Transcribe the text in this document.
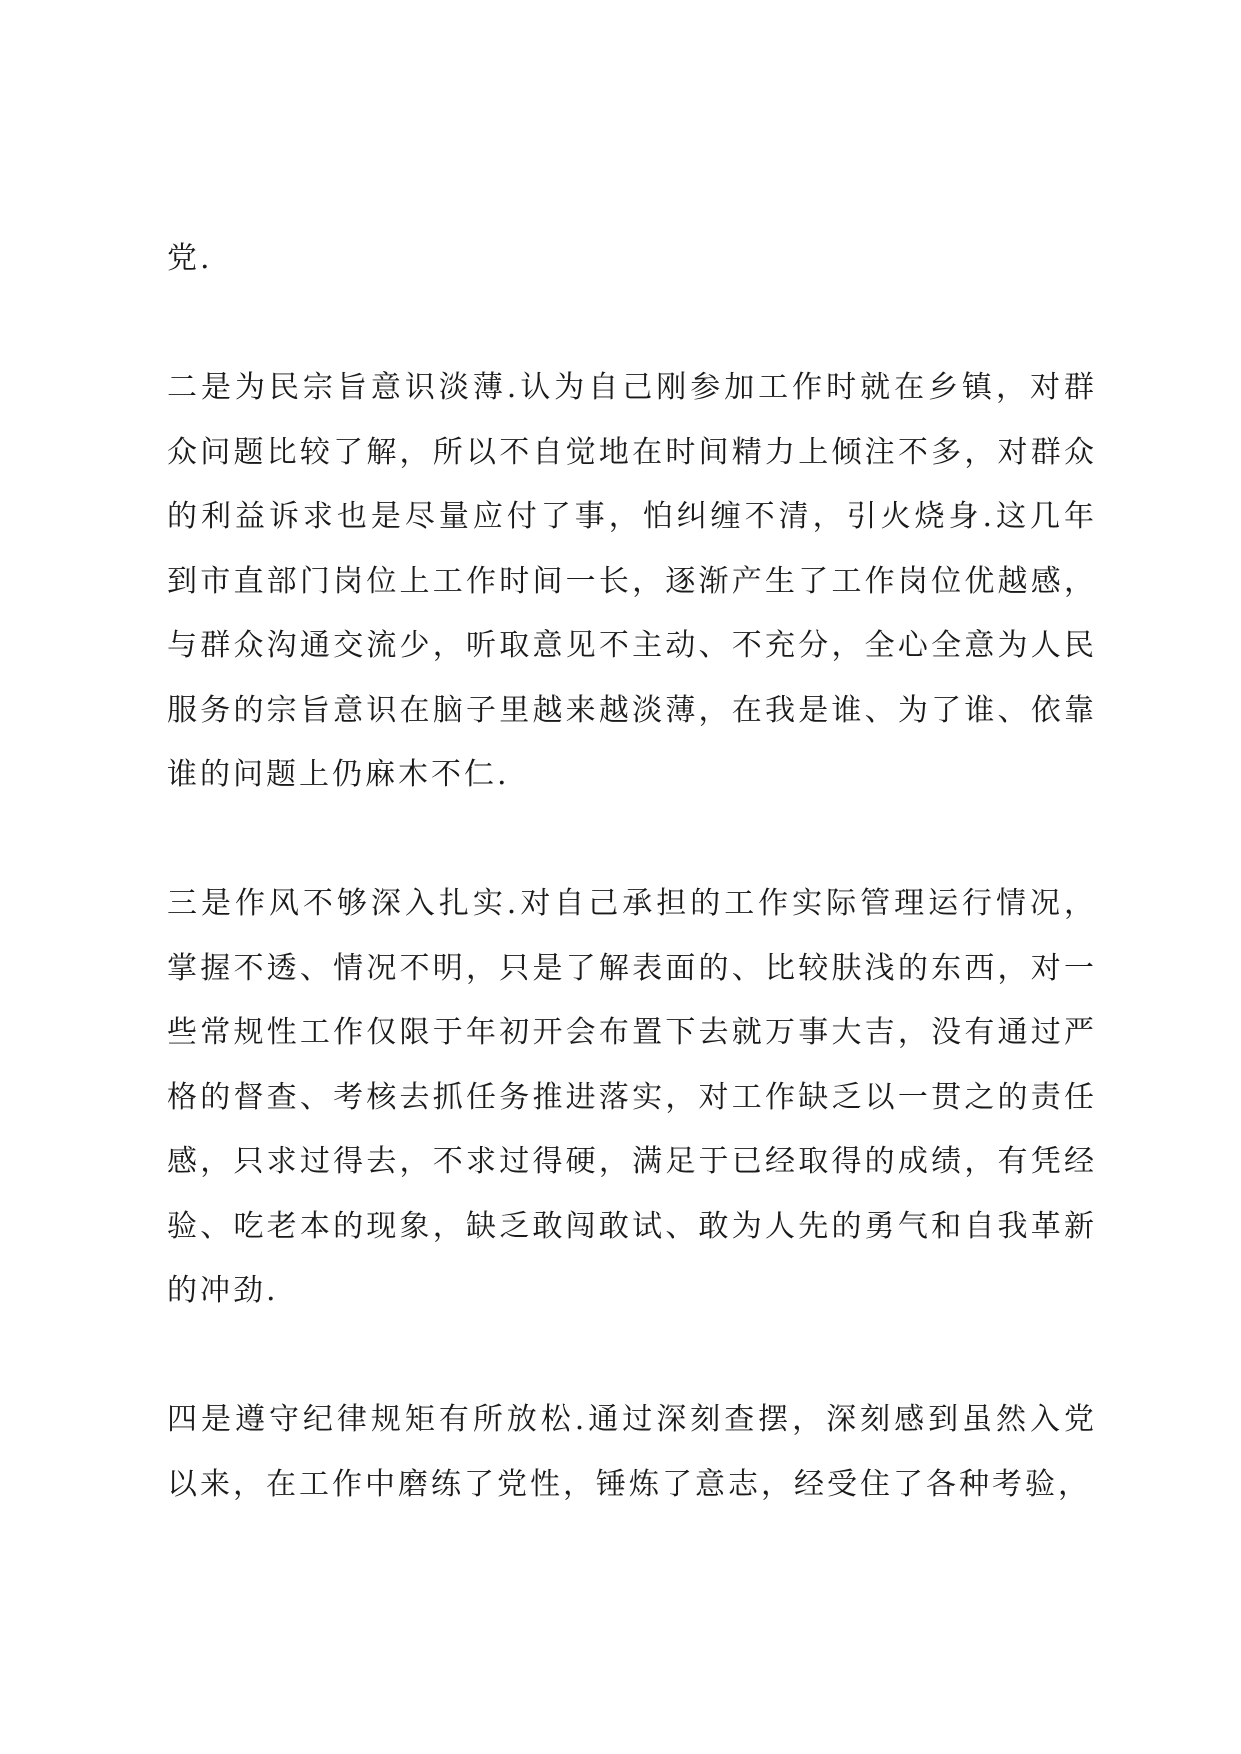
党.

二是为民宗旨意识淡薄.认为自己刚参加工作时就在乡镇，对群众问题比较了解，所以不自觉地在时间精力上倾注不多，对群众的利益诉求也是尽量应付了事，怕纠缠不清，引火烧身.这几年到市直部门岗位上工作时间一长，逐渐产生了工作岗位优越感，与群众沟通交流少，听取意见不主动、不充分，全心全意为人民服务的宗旨意识在脑子里越来越淡薄，在我是谁、为了谁、依靠谁的问题上仍麻木不仁.

三是作风不够深入扎实.对自己承担的工作实际管理运行情况，掌握不透、情况不明，只是了解表面的、比较肤浅的东西，对一些常规性工作仅限于年初开会布置下去就万事大吉，没有通过严格的督查、考核去抓任务推进落实，对工作缺乏以一贯之的责任感，只求过得去，不求过得硬，满足于已经取得的成绩，有凭经验、吃老本的现象，缺乏敢闯敢试、敢为人先的勇气和自我革新的冲劲.

四是遵守纪律规矩有所放松.通过深刻查摆，深刻感到虽然入党以来，在工作中磨练了党性，锤炼了意志，经受住了各种考验，
